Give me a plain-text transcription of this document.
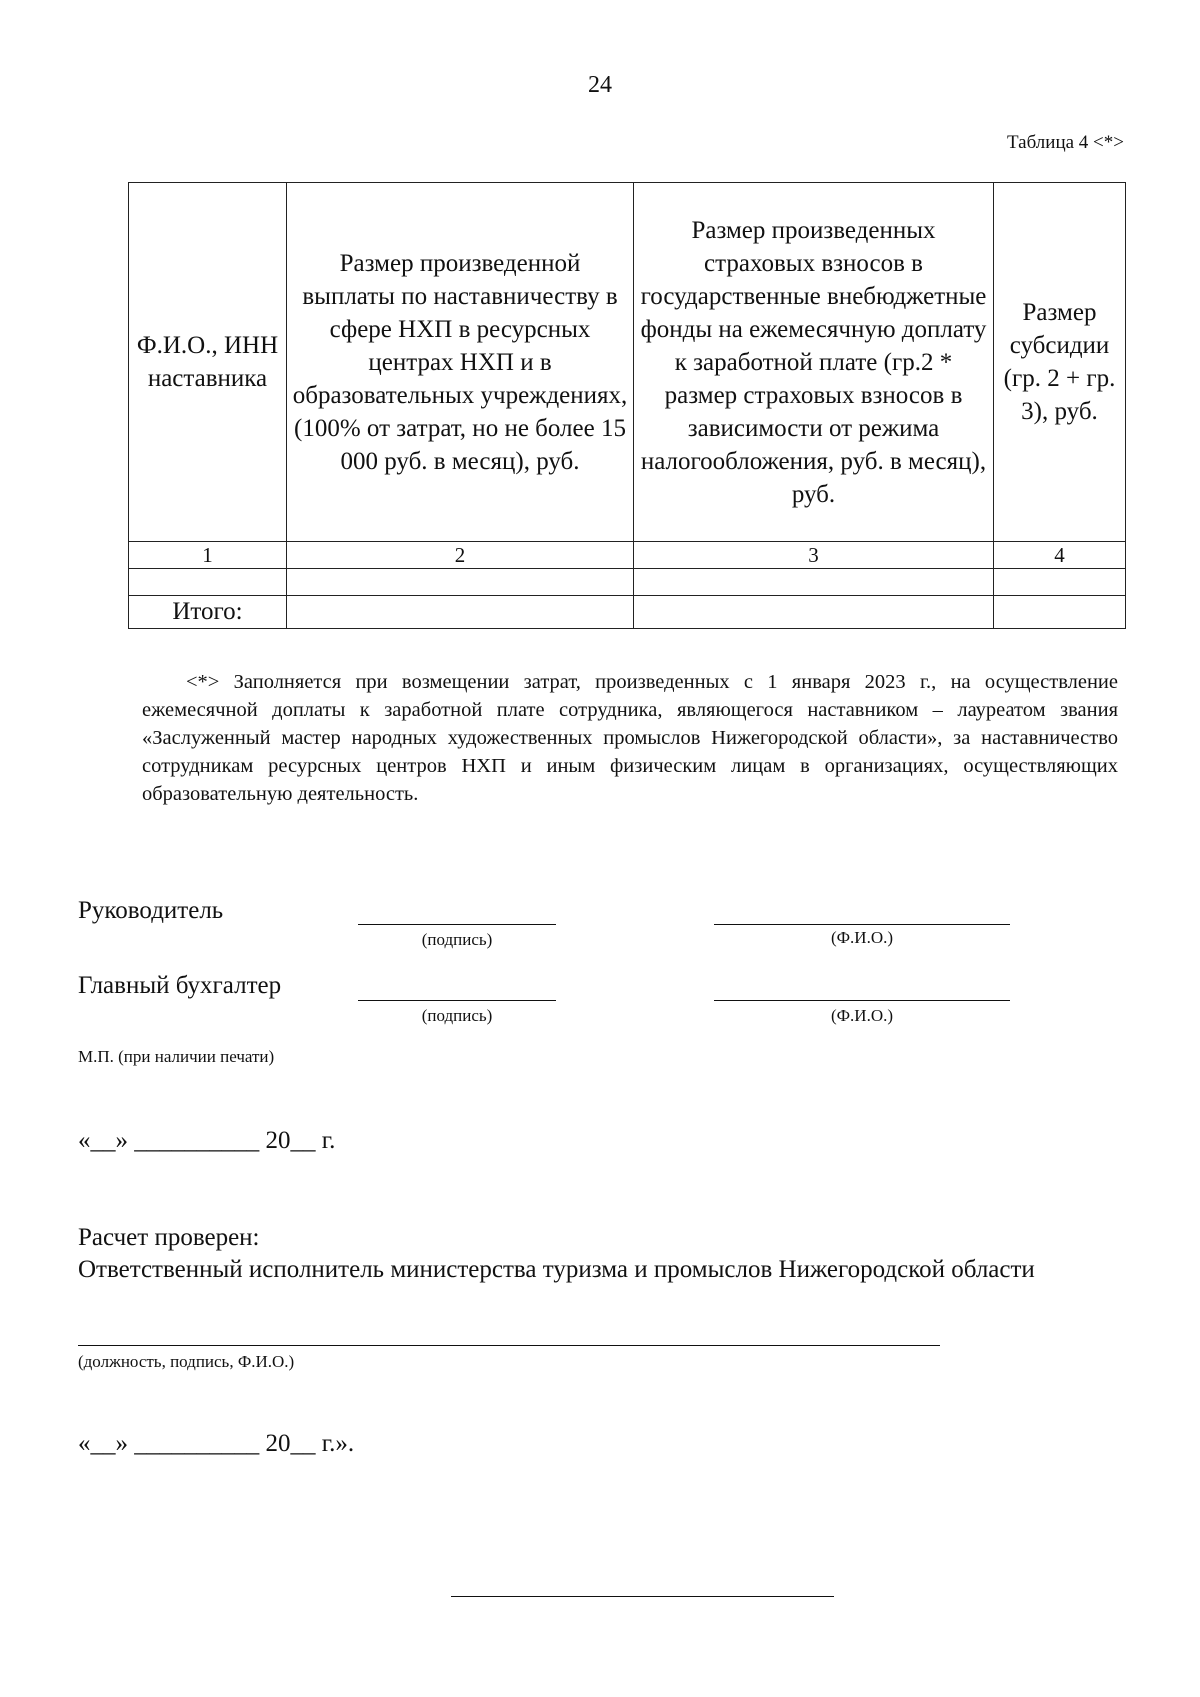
24
Таблица 4 <*>
Ф.И.О., ИНН наставника	Размер произведенной выплаты по наставничеству в сфере НХП в ресурсных центрах НХП и в образовательных учреждениях, (100% от затрат, но не более 15 000 руб. в месяц), руб.	Размер произведенных страховых взносов в государственные внебюджетные фонды на ежемесячную доплату к заработной плате (гр.2 * размер страховых взносов в зависимости от режима налогообложения, руб. в месяц), руб.	Размер субсидии (гр. 2 + гр. 3), руб.
1	2	3	4

Итого:			
<*> Заполняется при возмещении затрат, произведенных с 1 января 2023 г., на осуществление ежемесячной доплаты к заработной плате сотрудника, являющегося наставником – лауреатом звания «Заслуженный мастер народных художественных промыслов Нижегородской области», за наставничество сотрудникам ресурсных центров НХП и иным физическим лицам в организациях, осуществляющих образовательную деятельность.
Руководитель
(подпись)	(Ф.И.О.)
Главный бухгалтер
(подпись)	(Ф.И.О.)
М.П. (при наличии печати)
«__» __________ 20__ г.
Расчет проверен:
Ответственный исполнитель министерства туризма и промыслов Нижегородской области
(должность, подпись, Ф.И.О.)
«__» __________ 20__ г.».
